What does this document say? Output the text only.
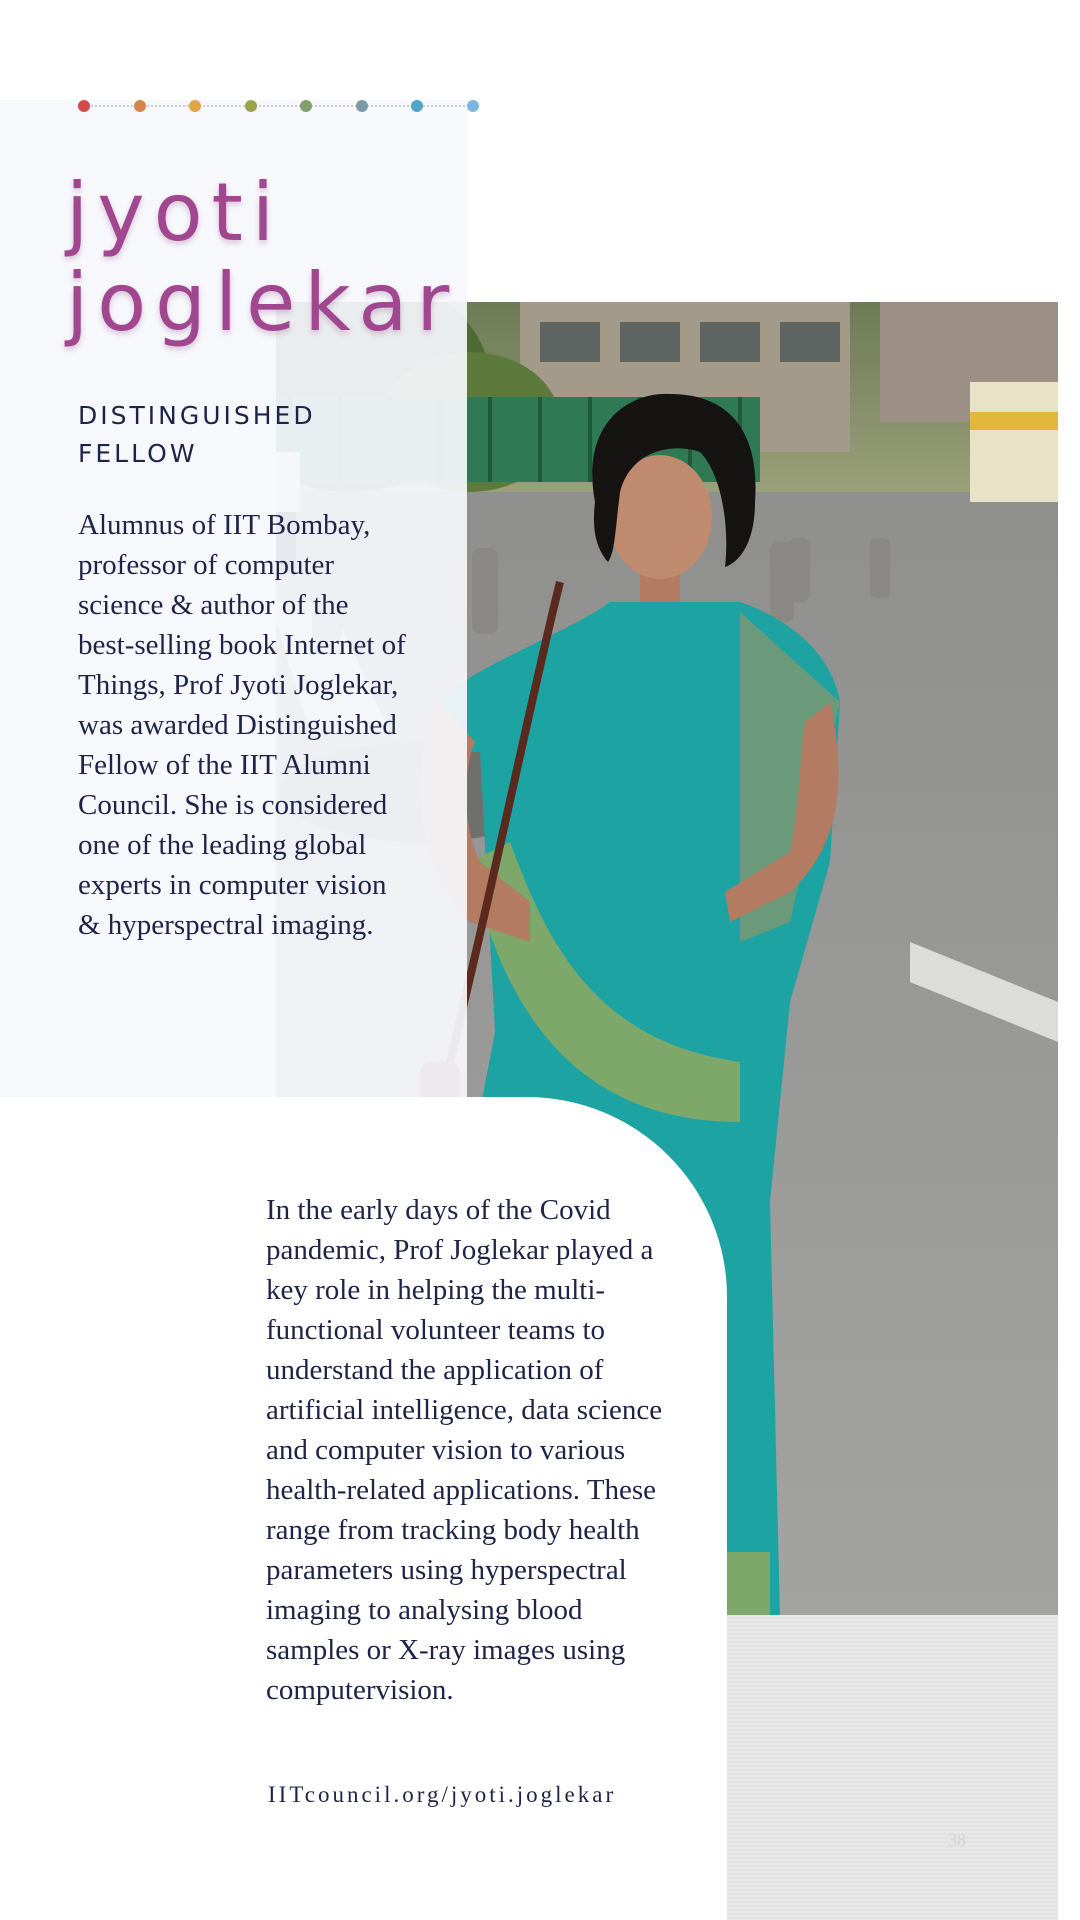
38
jyoti
joglekar
DISTINGUISHED FELLOW
Alumnus of IIT Bombay, professor of computer science & author of the best-selling book Internet of Things, Prof Jyoti Joglekar, was awarded Distinguished Fellow of the IIT Alumni Council. She is considered one of the leading global experts in computer vision & hyperspectral imaging.
In the early days of the Covid pandemic, Prof Joglekar played a key role in helping the multi-functional volunteer teams to understand the application of artificial intelligence, data science and computer vision to various health-related applications. These range from tracking body health parameters using hyperspectral imaging to analysing blood samples or X-ray images using computervision.
IITcouncil.org/jyoti.joglekar
